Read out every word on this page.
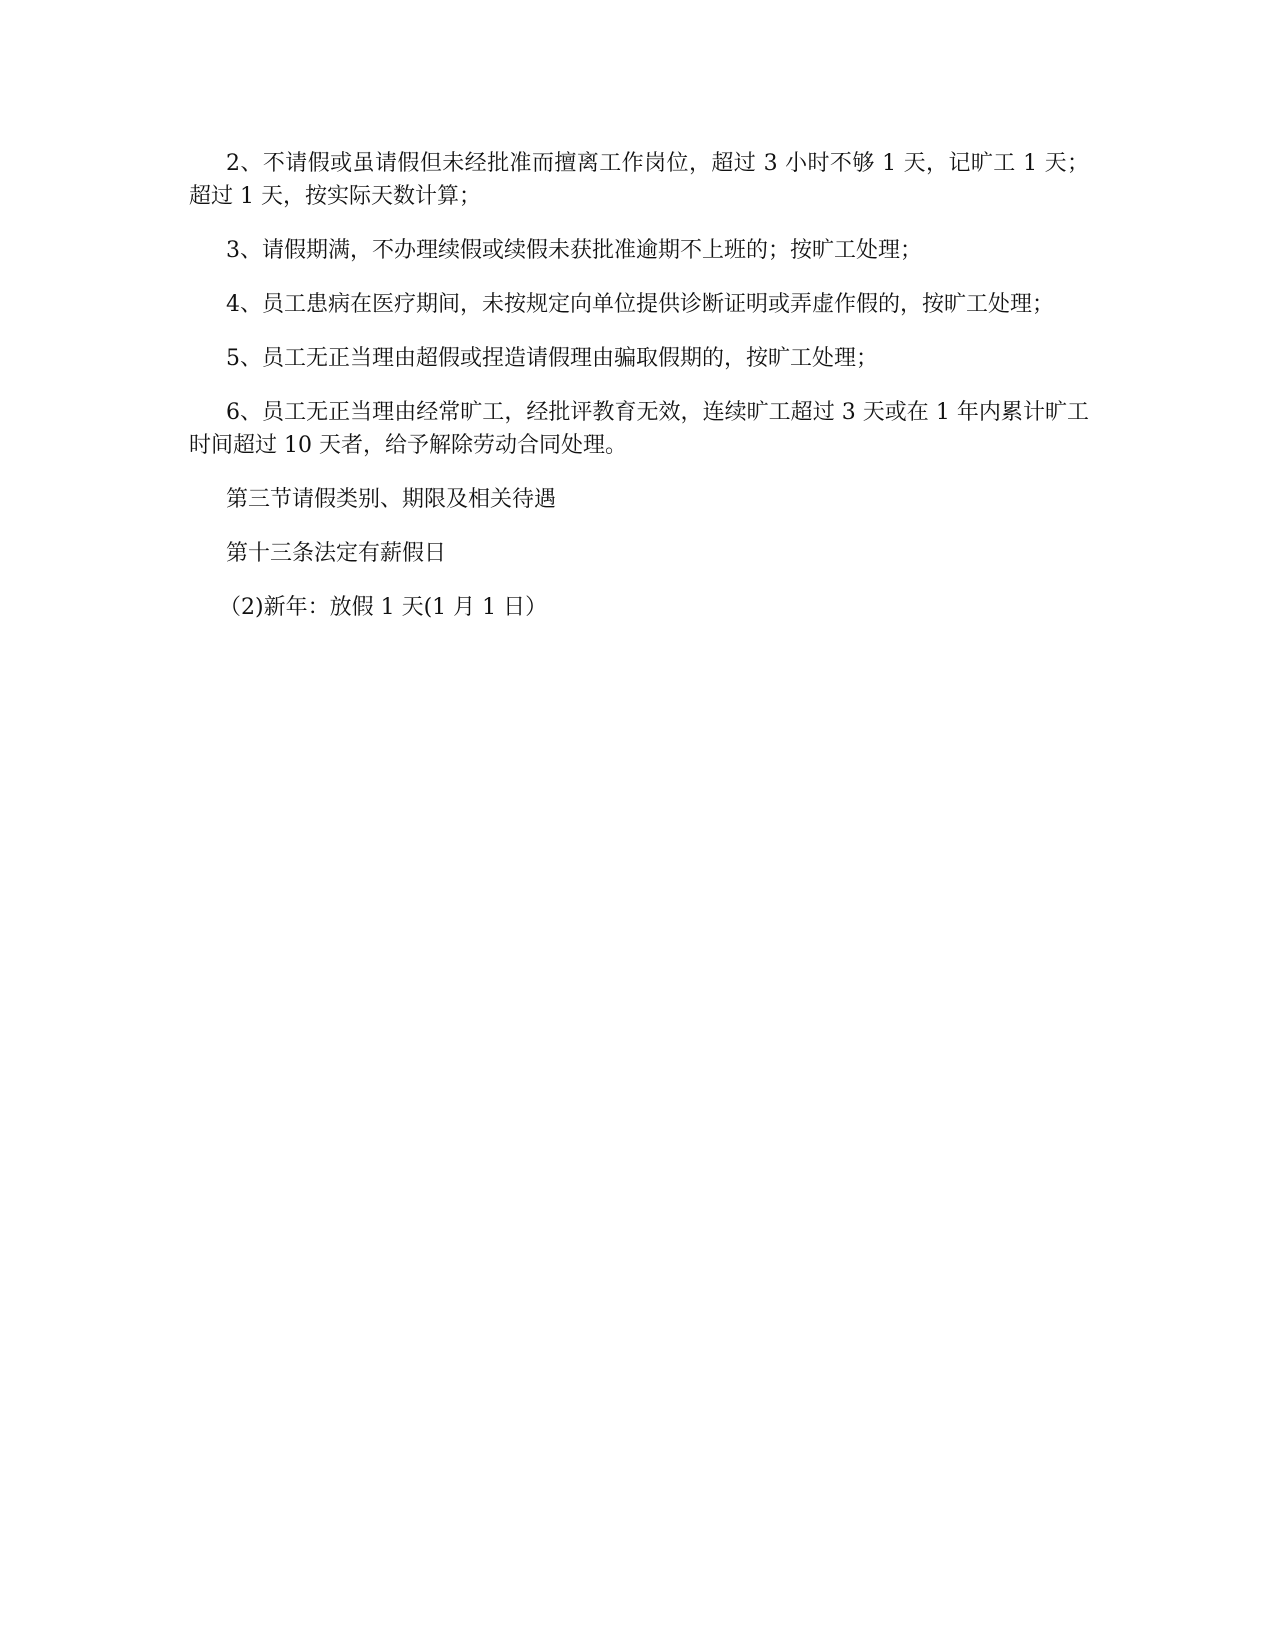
2、不请假或虽请假但未经批准而擅离工作岗位，超过 3 小时不够 1 天，记旷工 1 天；超过 1 天，按实际天数计算；

3、请假期满，不办理续假或续假未获批准逾期不上班的；按旷工处理；

4、员工患病在医疗期间，未按规定向单位提供诊断证明或弄虚作假的，按旷工处理；

5、员工无正当理由超假或捏造请假理由骗取假期的，按旷工处理；

6、员工无正当理由经常旷工，经批评教育无效，连续旷工超过 3 天或在 1 年内累计旷工时间超过 10 天者，给予解除劳动合同处理。

第三节请假类别、期限及相关待遇

第十三条法定有薪假日

（2)新年：放假 1 天(1 月 1 日）
